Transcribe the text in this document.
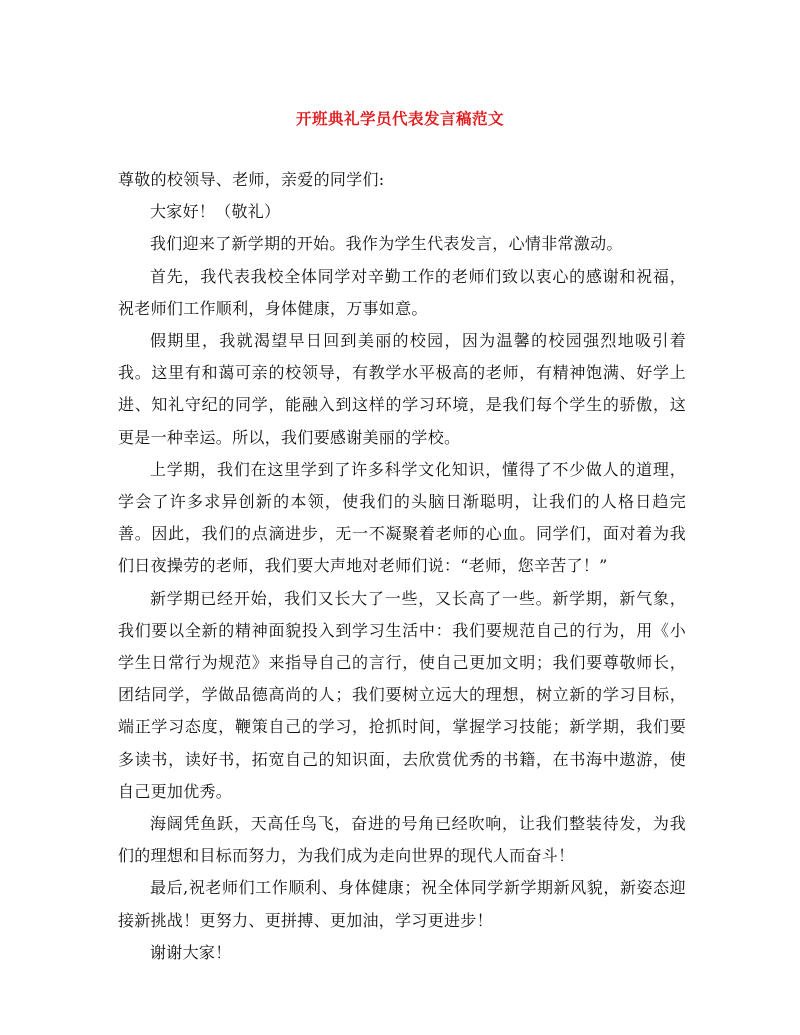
开班典礼学员代表发言稿范文

尊敬的校领导、老师，亲爱的同学们:

大家好！（敬礼）

我们迎来了新学期的开始。我作为学生代表发言，心情非常激动。

首先，我代表我校全体同学对辛勤工作的老师们致以衷心的感谢和祝福，祝老师们工作顺利，身体健康，万事如意。

假期里，我就渴望早日回到美丽的校园，因为温馨的校园强烈地吸引着我。这里有和蔼可亲的校领导，有教学水平极高的老师，有精神饱满、好学上进、知礼守纪的同学，能融入到这样的学习环境，是我们每个学生的骄傲，这更是一种幸运。所以，我们要感谢美丽的学校。

上学期，我们在这里学到了许多科学文化知识，懂得了不少做人的道理，学会了许多求异创新的本领，使我们的头脑日渐聪明，让我们的人格日趋完善。因此，我们的点滴进步，无一不凝聚着老师的心血。同学们，面对着为我们日夜操劳的老师，我们要大声地对老师们说：“老师，您辛苦了！”

新学期已经开始，我们又长大了一些，又长高了一些。新学期，新气象，我们要以全新的精神面貌投入到学习生活中：我们要规范自己的行为，用《小学生日常行为规范》来指导自己的言行，使自己更加文明；我们要尊敬师长，团结同学，学做品德高尚的人；我们要树立远大的理想，树立新的学习目标，端正学习态度，鞭策自己的学习，抢抓时间，掌握学习技能；新学期，我们要多读书，读好书，拓宽自己的知识面，去欣赏优秀的书籍，在书海中遨游，使自己更加优秀。

海阔凭鱼跃，天高任鸟飞，奋进的号角已经吹响，让我们整装待发，为我们的理想和目标而努力，为我们成为走向世界的现代人而奋斗！

最后,祝老师们工作顺利、身体健康；祝全体同学新学期新风貌，新姿态迎接新挑战！更努力、更拼搏、更加油，学习更进步！

谢谢大家！
